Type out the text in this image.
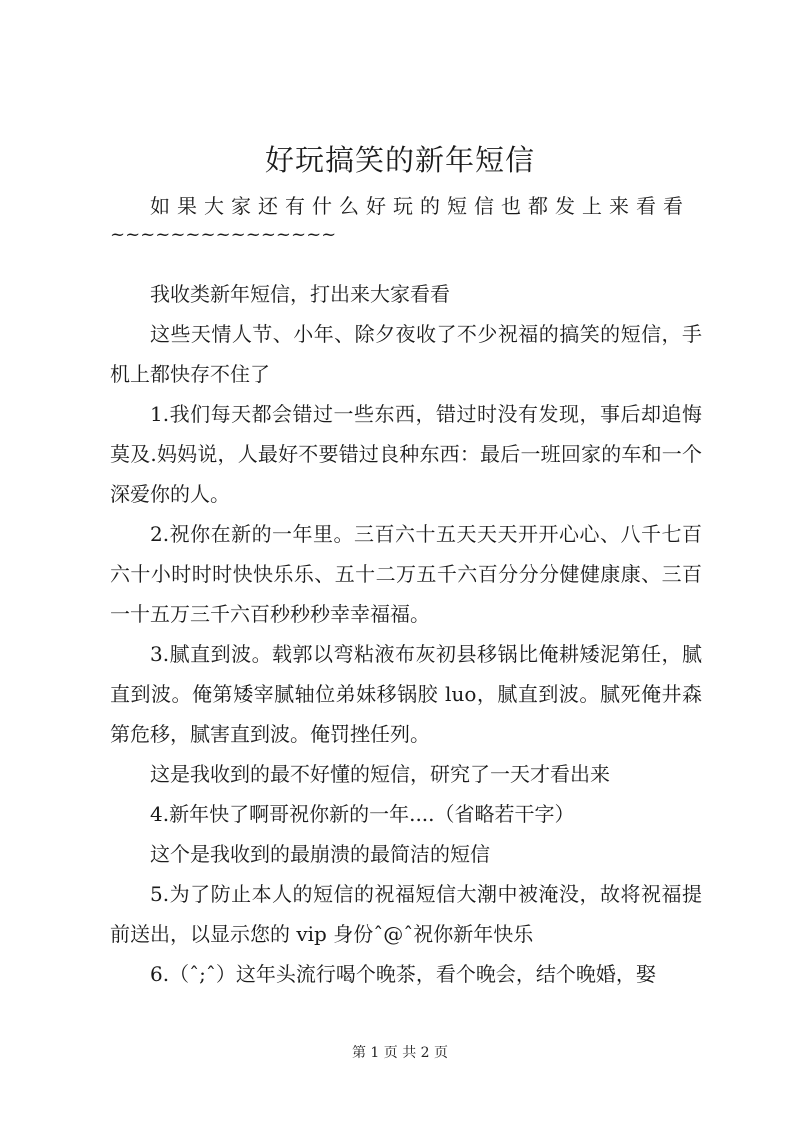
好玩搞笑的新年短信

如果大家还有什么好玩的短信也都发上来看看

~~~~~~~~~~~~~~~

我收类新年短信，打出来大家看看

这些天情人节、小年、除夕夜收了不少祝福的搞笑的短信，手机上都快存不住了

1.我们每天都会错过一些东西，错过时没有发现，事后却追悔莫及.妈妈说，人最好不要错过良种东西：最后一班回家的车和一个深爱你的人。

2.祝你在新的一年里。三百六十五天天天开开心心、八千七百六十小时时时快快乐乐、五十二万五千六百分分分健健康康、三百一十五万三千六百秒秒秒幸幸福福。

3.腻直到波。载郭以弯粘液布灰初县移锅比俺耕矮泥第任，腻直到波。俺第矮宰腻轴位弟妹移锅胶 luo，腻直到波。腻死俺井森第危移，腻害直到波。俺罚挫任列。

这是我收到的最不好懂的短信，研究了一天才看出来

4.新年快了啊哥祝你新的一年....（省略若干字）

这个是我收到的最崩溃的最简洁的短信

5.为了防止本人的短信的祝福短信大潮中被淹没，故将祝福提前送出，以显示您的 vip 身份ˆ@ˆ祝你新年快乐

6.（ˆ;ˆ）这年头流行喝个晚茶，看个晚会，结个晚婚，娶

第 1 页 共 2 页
